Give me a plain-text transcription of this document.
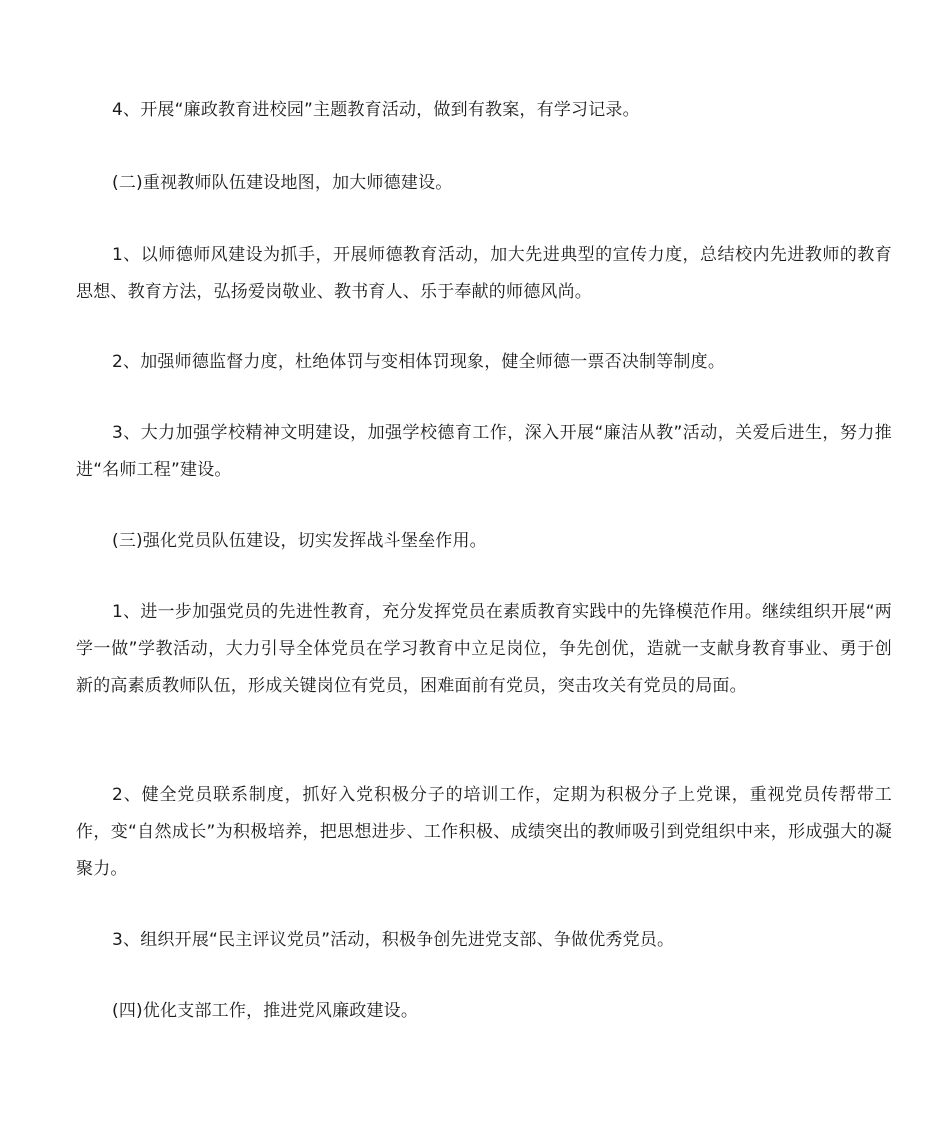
4、开展“廉政教育进校园”主题教育活动，做到有教案，有学习记录。

(二)重视教师队伍建设地图，加大师德建设。

1、以师德师风建设为抓手，开展师德教育活动，加大先进典型的宣传力度，总结校内先进教师的教育思想、教育方法，弘扬爱岗敬业、教书育人、乐于奉献的师德风尚。

2、加强师德监督力度，杜绝体罚与变相体罚现象，健全师德一票否决制等制度。

3、大力加强学校精神文明建设，加强学校德育工作，深入开展“廉洁从教”活动，关爱后进生，努力推进“名师工程”建设。

(三)强化党员队伍建设，切实发挥战斗堡垒作用。

1、进一步加强党员的先进性教育，充分发挥党员在素质教育实践中的先锋模范作用。继续组织开展“两学一做”学教活动，大力引导全体党员在学习教育中立足岗位，争先创优，造就一支献身教育事业、勇于创新的高素质教师队伍，形成关键岗位有党员，困难面前有党员，突击攻关有党员的局面。

2、健全党员联系制度，抓好入党积极分子的培训工作，定期为积极分子上党课，重视党员传帮带工作，变“自然成长”为积极培养，把思想进步、工作积极、成绩突出的教师吸引到党组织中来，形成强大的凝聚力。

3、组织开展“民主评议党员”活动，积极争创先进党支部、争做优秀党员。

(四)优化支部工作，推进党风廉政建设。
